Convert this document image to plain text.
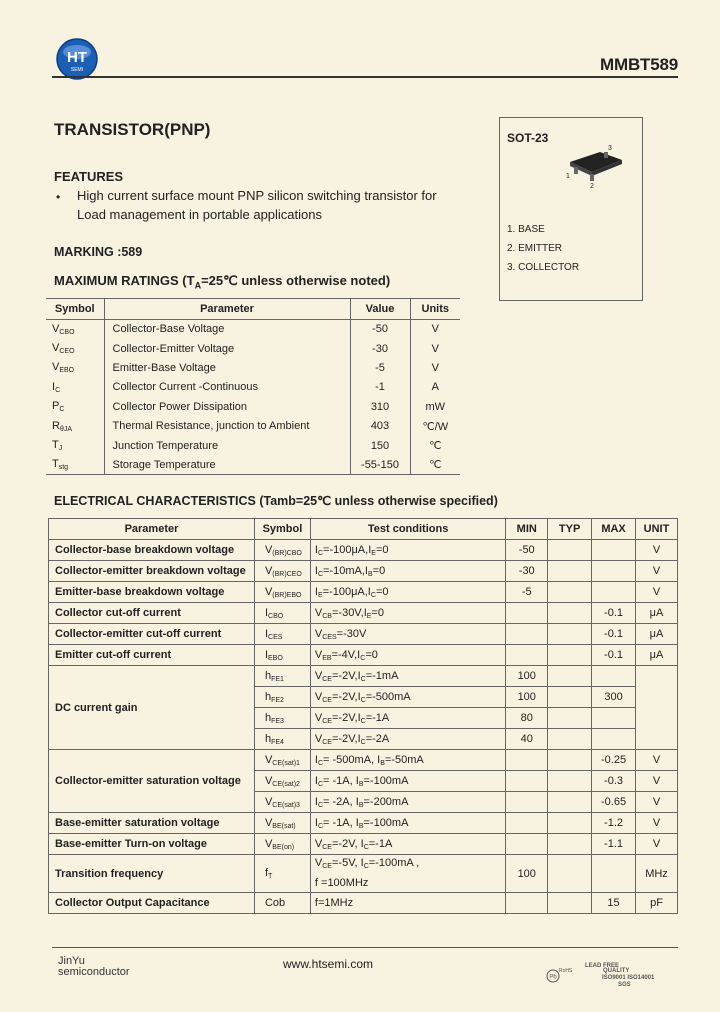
HT
SEMI	MMBT589
TRANSISTOR(PNP)
FEATURES
• High current surface mount PNP silicon switching transistor for
Load management in portable applications
MARKING :589
MAXIMUM RATINGS ($T_A=25℃$ unless otherwise noted)
SOT-23
1
2
3
1. BASE
2. EMITTER
3. COLLECTOR
Symbol	Parameter	Value	Units
$V_{CBO}$	Collector-Base Voltage	-50	V
$V_{CEO}$	Collector-Emitter Voltage	-30	V
$V_{EBO}$	Emitter-Base Voltage	-5	V
$I_C$	Collector Current -Continuous	-1	A
$P_C$	Collector Power Dissipation	310	mW
$R_{\theta JA}$	Thermal Resistance, junction to Ambient	403	℃/W
$T_J$	Junction Temperature	150	℃
$T_{stg}$	Storage Temperature	-55-150	℃
ELECTRICAL CHARACTERISTICS (Tamb=25℃ unless otherwise specified)
Parameter	Symbol	Test conditions	MIN	TYP	MAX	UNIT
Collector-base breakdown voltage	$V_{(BR)CBO}$	$I_C=-100\mu A,I_E=0$	-50			V
Collector-emitter breakdown voltage	$V_{(BR)CEO}$	$I_C=-10mA,I_B=0$	-30			V
Emitter-base breakdown voltage	$V_{(BR)EBO}$	$I_E=-100\mu A,I_C=0$	-5			V
Collector cut-off current	$I_{CBO}$	$V_{CB}=-30V,I_E=0$			-0.1	μA
Collector-emitter cut-off current	$I_{CES}$	$V_{CES}=-30V$			-0.1	μA
Emitter cut-off current	$I_{EBO}$	$V_{EB}=-4V,I_C=0$			-0.1	μA
DC current gain	$h_{FE1}$	$V_{CE}=-2V,I_C=-1mA$	100			
	$h_{FE2}$	$V_{CE}=-2V,I_C=-500mA$	100		300	
	$h_{FE3}$	$V_{CE}=-2V,I_C=-1A$	80			
	$h_{FE4}$	$V_{CE}=-2V,I_C=-2A$	40			
Collector-emitter saturation voltage	$V_{CE(sat)1}$	$I_C= -500mA$, $I_B=-50mA$			-0.25	V
	$V_{CE(sat)2}$	$I_C= -1A$, $I_B=-100mA$			-0.3	V
	$V_{CE(sat)3}$	$I_C= -2A$, $I_B=-200mA$			-0.65	V
Base-emitter saturation voltage	$V_{BE(sat)}$	$I_C= -1A$, $I_B=-100mA$			-1.2	V
Base-emitter Turn-on voltage	$V_{BE(on)}$	$V_{CE}=-2V$, $I_C=-1A$			-1.1	V
Transition frequency	$f_T$	$V_{CE}=-5V$, $I_C=-100mA$ ,
f =100MHz	100			MHz
Collector Output Capacitance	Cob	f=1MHz			15	pF
JinYu
semiconductor
www.htsemi.com
Pb
RoHS
LEAD FREE
QUALITY
ISO9001 ISO14001
SGS
